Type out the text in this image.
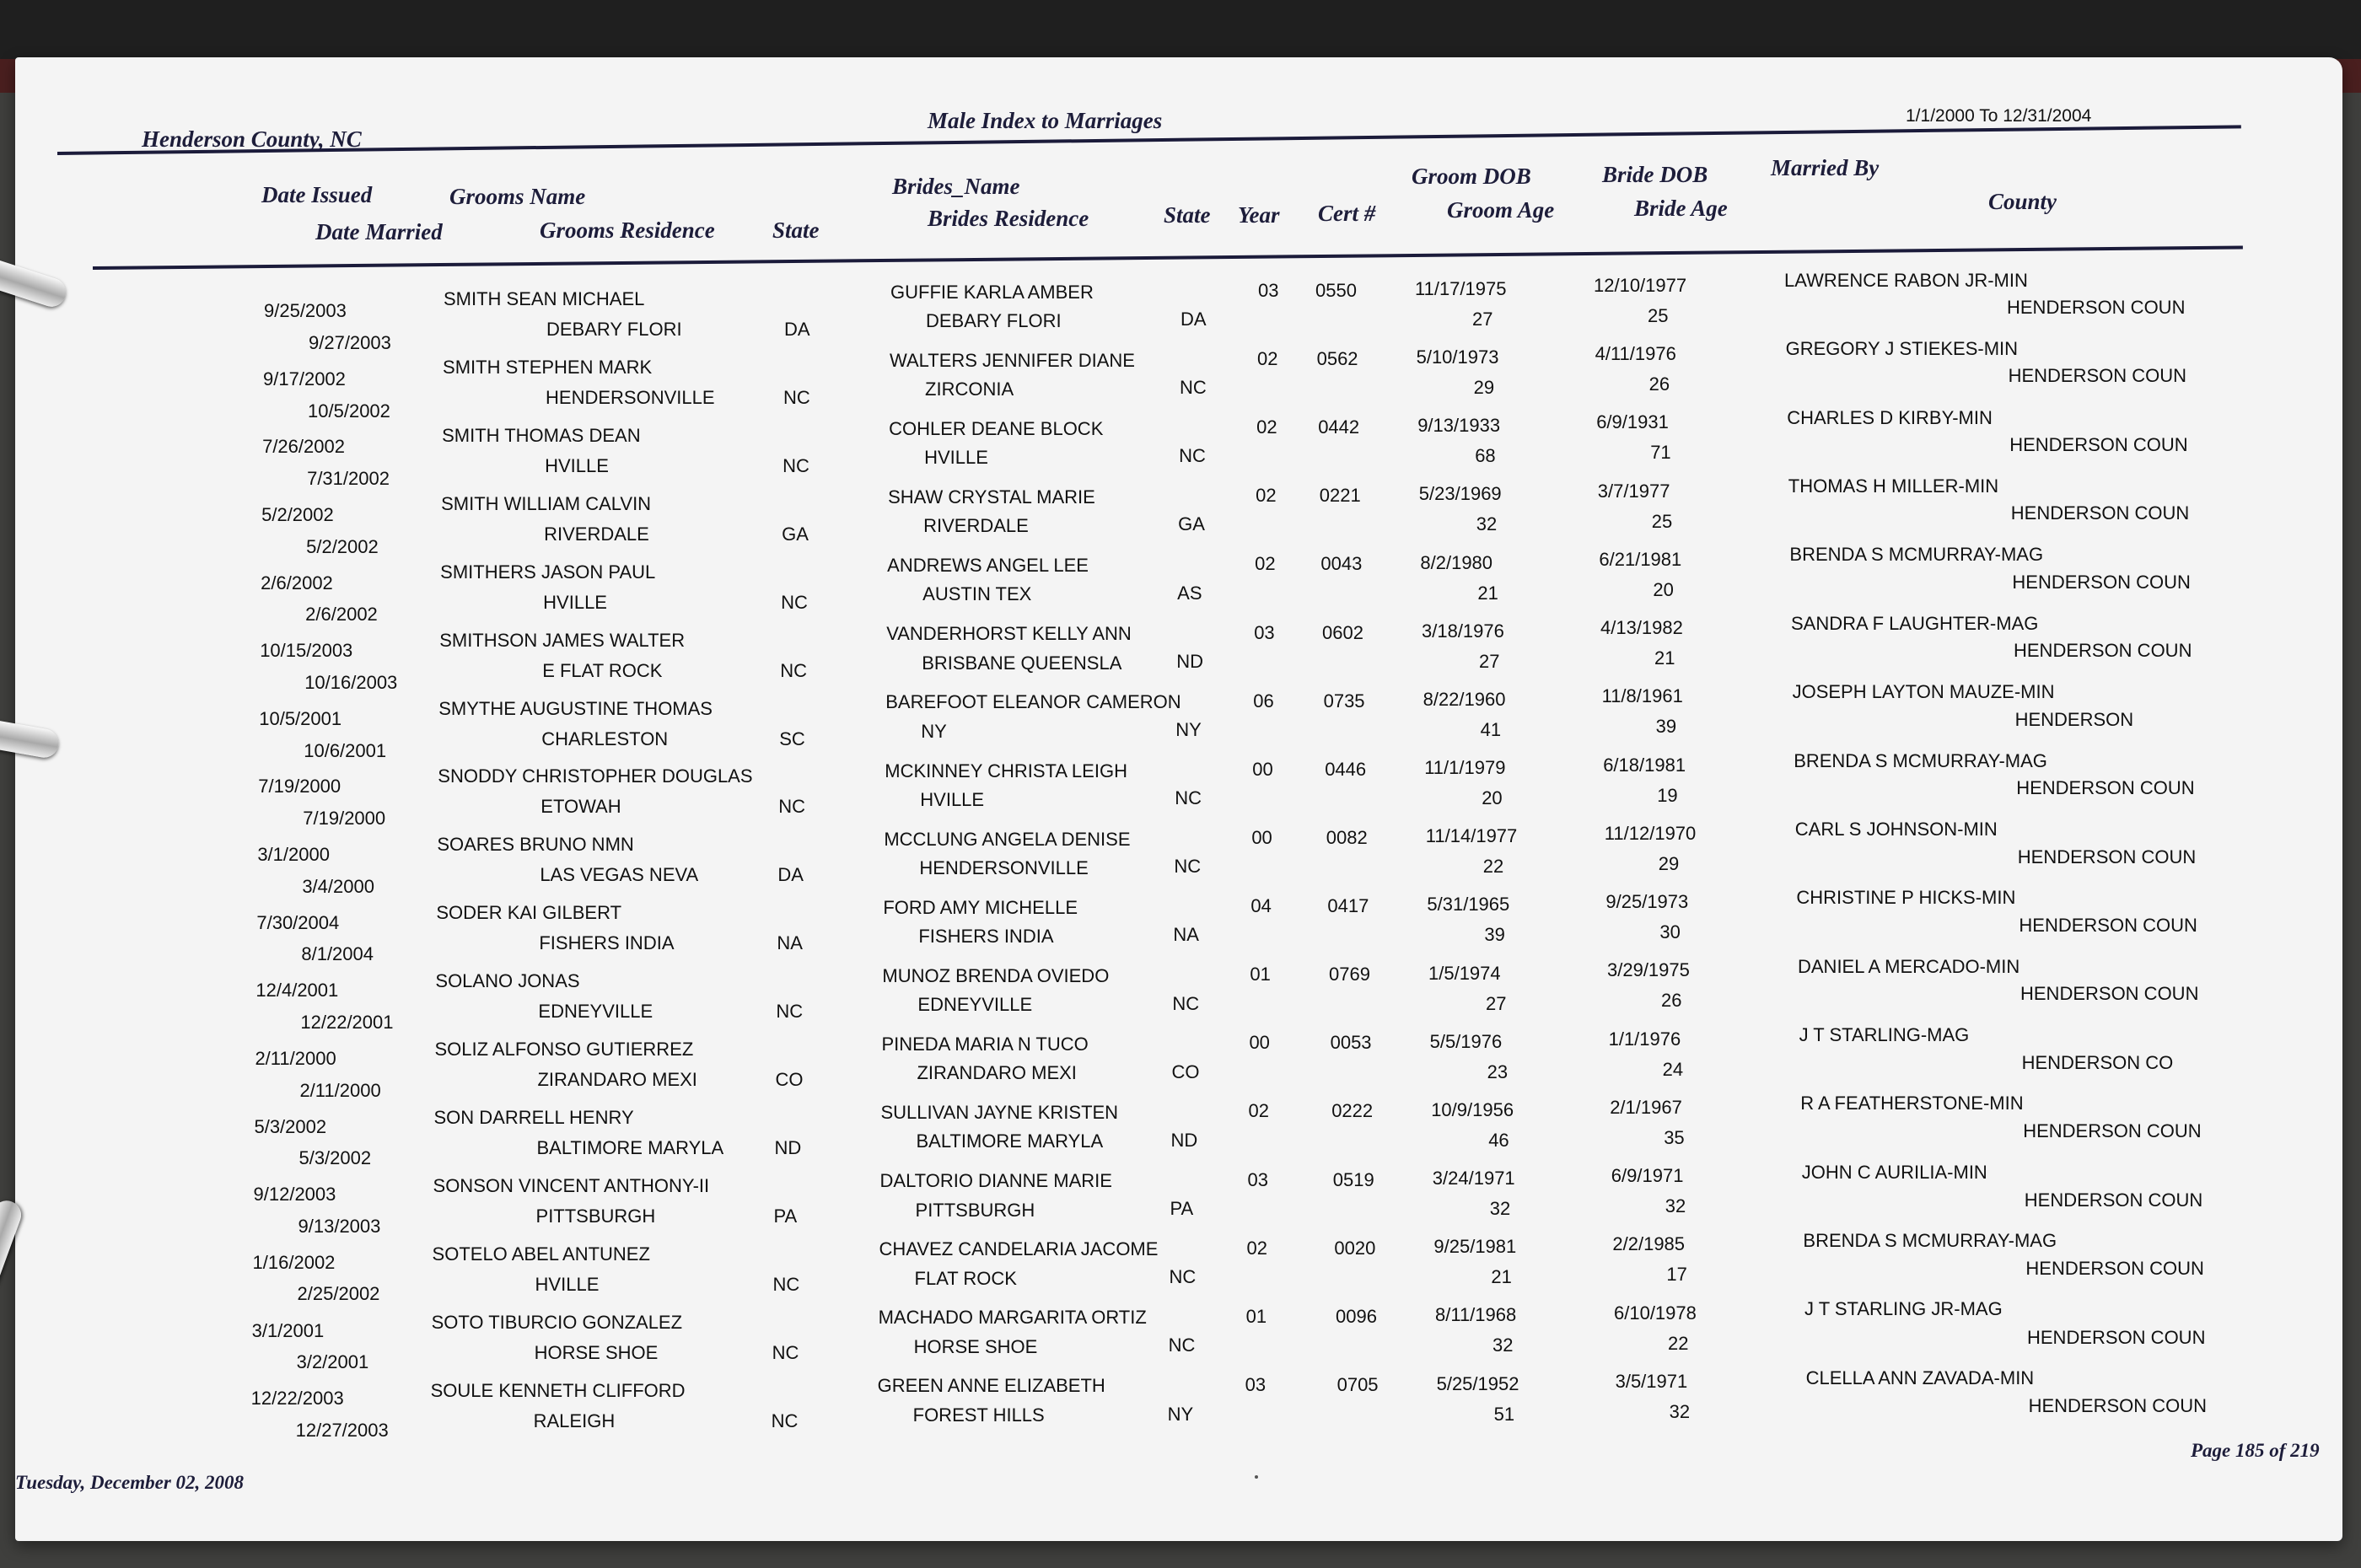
Henderson County, NC
Male Index to Marriages	1/1/2000 To 12/31/2004
Date Issued
Date Married
Grooms Name
Grooms Residence	State
Brides_Name
Brides Residence	State Year Cert #
Groom DOB
Groom Age
Bride DOB
Bride Age
Married By
County
9/25/2003
9/27/2003
SMITH SEAN MICHAEL
DEBARY FLORI	DA
GUFFIE KARLA AMBER
DEBARY FLORI	DA
03 0550	11/17/1975
27
12/10/1977
25
LAWRENCE RABON JR-MIN
HENDERSON COUN
9/17/2002
10/5/2002
SMITH STEPHEN MARK
HENDERSONVILLE	NC
WALTERS JENNIFER DIANE
ZIRCONIA	NC
02 0562	5/10/1973
29
4/11/1976
26
GREGORY J STIEKES-MIN
HENDERSON COUN
7/26/2002
7/31/2002
SMITH THOMAS DEAN
HVILLE	NC
COHLER DEANE BLOCK
HVILLE	NC
02 0442	9/13/1933
68
6/9/1931
71
CHARLES D KIRBY-MIN
HENDERSON COUN
5/2/2002
5/2/2002
SMITH WILLIAM CALVIN
RIVERDALE	GA
SHAW CRYSTAL MARIE
RIVERDALE	GA
02 0221	5/23/1969
32
3/7/1977
25
THOMAS H MILLER-MIN
HENDERSON COUN
2/6/2002
2/6/2002
SMITHERS JASON PAUL
HVILLE	NC
ANDREWS ANGEL LEE
AUSTIN TEX	AS
02 0043	8/2/1980
21
6/21/1981
20
BRENDA S MCMURRAY-MAG
HENDERSON COUN
10/15/2003
10/16/2003
SMITHSON JAMES WALTER
E FLAT ROCK	NC
VANDERHORST KELLY ANN
BRISBANE QUEENSLA	ND
03	0602	3/18/1976
27
4/13/1982
21
SANDRA F LAUGHTER-MAG
HENDERSON COUN
10/5/2001
10/6/2001
SMYTHE AUGUSTINE THOMAS
CHARLESTON	SC
BAREFOOT ELEANOR CAMERON
NY	NY
06	0735	8/22/1960
41
11/8/1961
39
JOSEPH LAYTON MAUZE-MIN
HENDERSON
7/19/2000
7/19/2000
SNODDY CHRISTOPHER DOUGLAS
ETOWAH	NC
MCKINNEY CHRISTA LEIGH
HVILLE	NC
00	0446	11/1/1979
20
6/18/1981
19
BRENDA S MCMURRAY-MAG
HENDERSON COUN
3/1/2000
3/4/2000
SOARES BRUNO NMN
LAS VEGAS NEVA	DA
MCCLUNG ANGELA DENISE
HENDERSONVILLE	NC
00	0082	11/14/1977
22
11/12/1970
29
CARL S JOHNSON-MIN
HENDERSON COUN
7/30/2004
8/1/2004
SODER KAI GILBERT
FISHERS INDIA	NA
FORD AMY MICHELLE
FISHERS INDIA	NA
04	0417	5/31/1965
39
9/25/1973
30
CHRISTINE P HICKS-MIN
HENDERSON COUN
12/4/2001
12/22/2001
SOLANO JONAS
EDNEYVILLE	NC
MUNOZ BRENDA OVIEDO
EDNEYVILLE	NC
01	0769	1/5/1974
27
3/29/1975
26
DANIEL A MERCADO-MIN
HENDERSON COUN
2/11/2000
2/11/2000
SOLIZ ALFONSO GUTIERREZ
ZIRANDARO MEXI	CO
PINEDA MARIA N TUCO
ZIRANDARO MEXI	CO
00	0053	5/5/1976
23
1/1/1976
24
J T STARLING-MAG
HENDERSON CO
5/3/2002
5/3/2002
SON DARRELL HENRY
BALTIMORE MARYLA	ND
SULLIVAN JAYNE KRISTEN
BALTIMORE MARYLA	ND
02	0222	10/9/1956
46
2/1/1967
35
R A FEATHERSTONE-MIN
HENDERSON COUN
9/12/2003
9/13/2003
SONSON VINCENT ANTHONY-II
PITTSBURGH	PA
DALTORIO DIANNE MARIE
PITTSBURGH	PA
03	0519	3/24/1971
32
6/9/1971
32
JOHN C AURILIA-MIN
HENDERSON COUN
1/16/2002
2/25/2002
SOTELO ABEL ANTUNEZ
HVILLE	NC
CHAVEZ CANDELARIA JACOME
FLAT ROCK	NC
02	0020	9/25/1981
21
2/2/1985
17
BRENDA S MCMURRAY-MAG
HENDERSON COUN
3/1/2001
3/2/2001
SOTO TIBURCIO GONZALEZ
HORSE SHOE	NC
MACHADO MARGARITA ORTIZ
HORSE SHOE	NC
01	0096	8/11/1968
32
6/10/1978
22
J T STARLING JR-MAG
HENDERSON COUN
12/22/2003
12/27/2003
SOULE KENNETH CLIFFORD
RALEIGH	NC
GREEN ANNE ELIZABETH
FOREST HILLS	NY
03	0705	5/25/1952
51
3/5/1971
32
CLELLA ANN ZAVADA-MIN
HENDERSON COUN
Tuesday, December 02, 2008
Page 185 of 219
